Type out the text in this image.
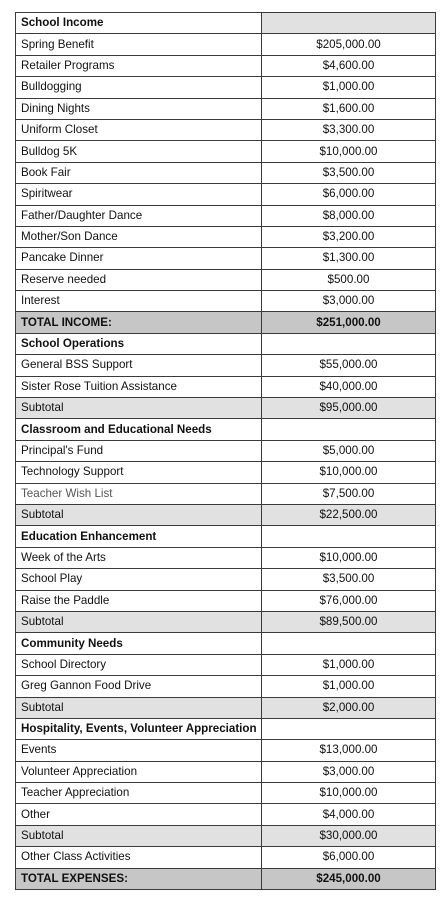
School Income	
Spring Benefit	$205,000.00
Retailer Programs	$4,600.00
Bulldogging	$1,000.00
Dining Nights	$1,600.00
Uniform Closet	$3,300.00
Bulldog 5K	$10,000.00
Book Fair	$3,500.00
Spiritwear	$6,000.00
Father/Daughter Dance	$8,000.00
Mother/Son Dance	$3,200.00
Pancake Dinner	$1,300.00
Reserve needed	$500.00
Interest	$3,000.00
TOTAL INCOME:	$251,000.00
School Operations	
General BSS Support	$55,000.00
Sister Rose Tuition Assistance	$40,000.00
Subtotal	$95,000.00
Classroom and Educational Needs	
Principal's Fund	$5,000.00
Technology Support	$10,000.00
Teacher Wish List	$7,500.00
Subtotal	$22,500.00
Education Enhancement	
Week of the Arts	$10,000.00
School Play	$3,500.00
Raise the Paddle	$76,000.00
Subtotal	$89,500.00
Community Needs	
School Directory	$1,000.00
Greg Gannon Food Drive	$1,000.00
Subtotal	$2,000.00
Hospitality, Events, Volunteer Appreciation	
Events	$13,000.00
Volunteer Appreciation	$3,000.00
Teacher Appreciation	$10,000.00
Other	$4,000.00
Subtotal	$30,000.00
Other Class Activities	$6,000.00
TOTAL EXPENSES:	$245,000.00
